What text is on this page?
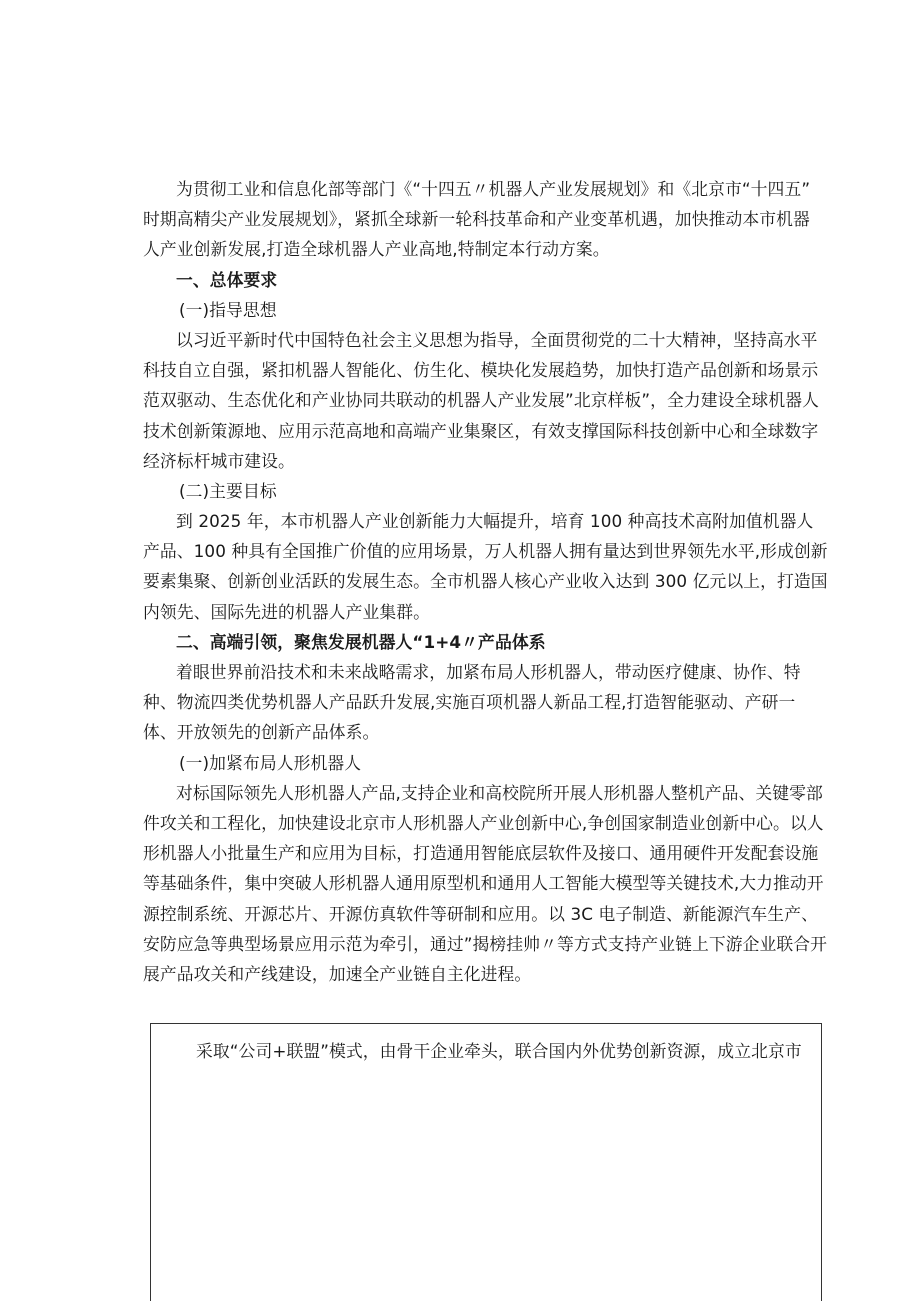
为贯彻工业和信息化部等部门《“十四五〃机器人产业发展规划》和《北京市“十四五”
时期高精尖产业发展规划》，紧抓全球新一轮科技革命和产业变革机遇，加快推动本市机器
人产业创新发展,打造全球机器人产业高地,特制定本行动方案。
一、总体要求
(一)指导思想
以习近平新时代中国特色社会主义思想为指导，全面贯彻党的二十大精神，坚持高水平
科技自立自强，紧扣机器人智能化、仿生化、模块化发展趋势，加快打造产品创新和场景示
范双驱动、生态优化和产业协同共联动的机器人产业发展”北京样板”，全力建设全球机器人
技术创新策源地、应用示范高地和高端产业集聚区，有效支撑国际科技创新中心和全球数字
经济标杆城市建设。
(二)主要目标
到 2025 年，本市机器人产业创新能力大幅提升，培育 100 种高技术高附加值机器人
产品、100 种具有全国推广价值的应用场景，万人机器人拥有量达到世界领先水平,形成创新
要素集聚、创新创业活跃的发展生态。全市机器人核心产业收入达到 300 亿元以上，打造国
内领先、国际先进的机器人产业集群。
二、高端引领，聚焦发展机器人“1+4〃产品体系
着眼世界前沿技术和未来战略需求，加紧布局人形机器人，带动医疗健康、协作、特
种、物流四类优势机器人产品跃升发展,实施百项机器人新品工程,打造智能驱动、产研一
体、开放领先的创新产品体系。
(一)加紧布局人形机器人
对标国际领先人形机器人产品,支持企业和高校院所开展人形机器人整机产品、关键零部
件攻关和工程化，加快建设北京市人形机器人产业创新中心,争创国家制造业创新中心。以人
形机器人小批量生产和应用为目标，打造通用智能底层软件及接口、通用硬件开发配套设施
等基础条件，集中突破人形机器人通用原型机和通用人工智能大模型等关键技术,大力推动开
源控制系统、开源芯片、开源仿真软件等研制和应用。以 3C 电子制造、新能源汽车生产、
安防应急等典型场景应用示范为牵引，通过”揭榜挂帅〃等方式支持产业链上下游企业联合开
展产品攻关和产线建设，加速全产业链自主化进程。
采取“公司+联盟”模式，由骨干企业牵头，联合国内外优势创新资源，成立北京市
